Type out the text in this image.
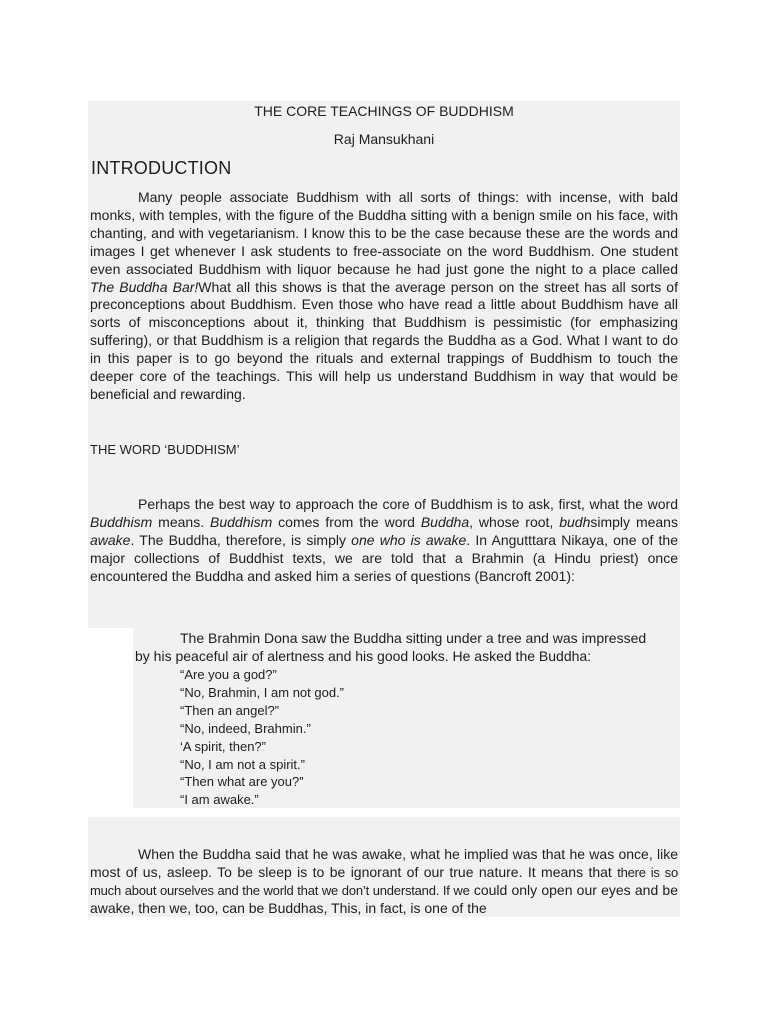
THE CORE TEACHINGS OF BUDDHISM

Raj Mansukhani

INTRODUCTION

Many people associate Buddhism with all sorts of things: with incense, with bald monks, with temples, with the figure of the Buddha sitting with a benign smile on his face, with chanting, and with vegetarianism. I know this to be the case because these are the words and images I get whenever I ask students to free-associate on the word Buddhism. One student even associated Buddhism with liquor because he had just gone the night to a place called The Buddha Bar!What all this shows is that the average person on the street has all sorts of preconceptions about Buddhism. Even those who have read a little about Buddhism have all sorts of misconceptions about it, thinking that Buddhism is pessimistic (for emphasizing suffering), or that Buddhism is a religion that regards the Buddha as a God. What I want to do in this paper is to go beyond the rituals and external trappings of Buddhism to touch the deeper core of the teachings. This will help us understand Buddhism in way that would be beneficial and rewarding.

THE WORD ‘BUDDHISM’

Perhaps the best way to approach the core of Buddhism is to ask, first, what the word Buddhism means. Buddhism comes from the word Buddha, whose root, budhsimply means awake. The Buddha, therefore, is simply one who is awake. In Angutttara Nikaya, one of the major collections of Buddhist texts, we are told that a Brahmin (a Hindu priest) once encountered the Buddha and asked him a series of questions (Bancroft 2001):

The Brahmin Dona saw the Buddha sitting under a tree and was impressed
by his peaceful air of alertness and his good looks. He asked the Buddha:
“Are you a god?”
“No, Brahmin, I am not god.”
“Then an angel?”
“No, indeed, Brahmin.”
‘A spirit, then?”
“No, I am not a spirit.”
“Then what are you?”
“I am awake.”

When the Buddha said that he was awake, what he implied was that he was once, like most of us, asleep. To be sleep is to be ignorant of our true nature. It means that there is so much about ourselves and the world that we don’t understand. If we could only open our eyes and be awake, then we, too, can be Buddhas, This, in fact, is one of the
